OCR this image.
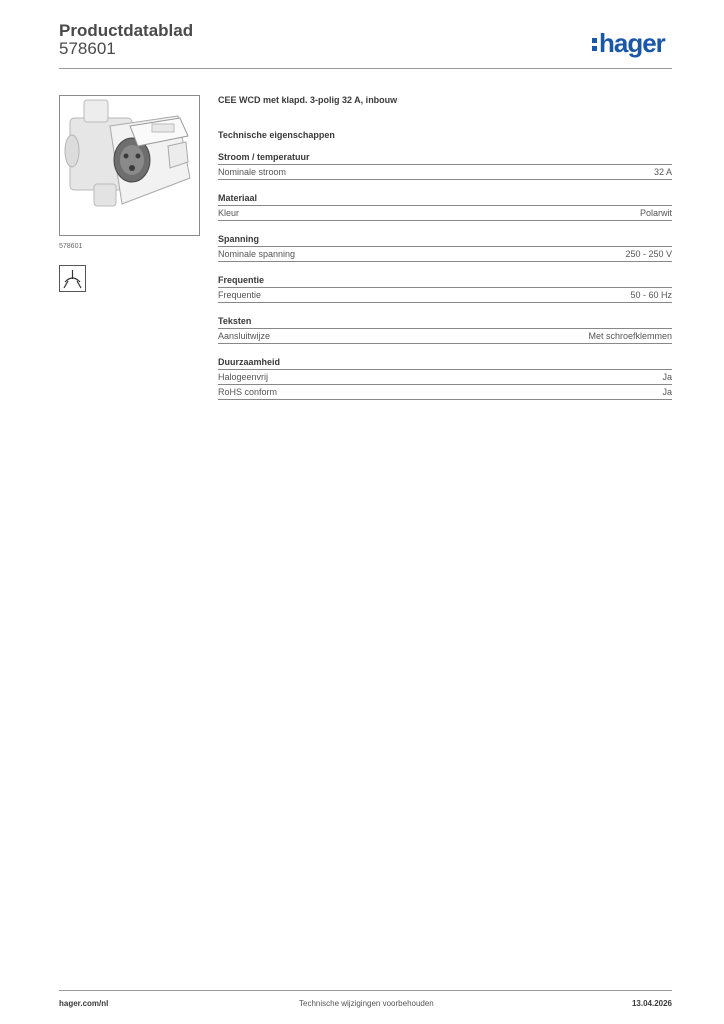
Productdatablad
578601	hager
578601
CEE WCD met klapd. 3-polig 32 A, inbouw
Technische eigenschappen
Stroom / temperatuur
Nominale stroom	32 A
Materiaal
Kleur	Polarwit
Spanning
Nominale spanning	250 - 250 V
Frequentie
Frequentie	50 - 60 Hz
Teksten
Aansluitwijze	Met schroefklemmen
Duurzaamheid
Halogeenvrij	Ja
RoHS conform	Ja
hager.com/nl	Technische wijzigingen voorbehouden	13.04.2026
